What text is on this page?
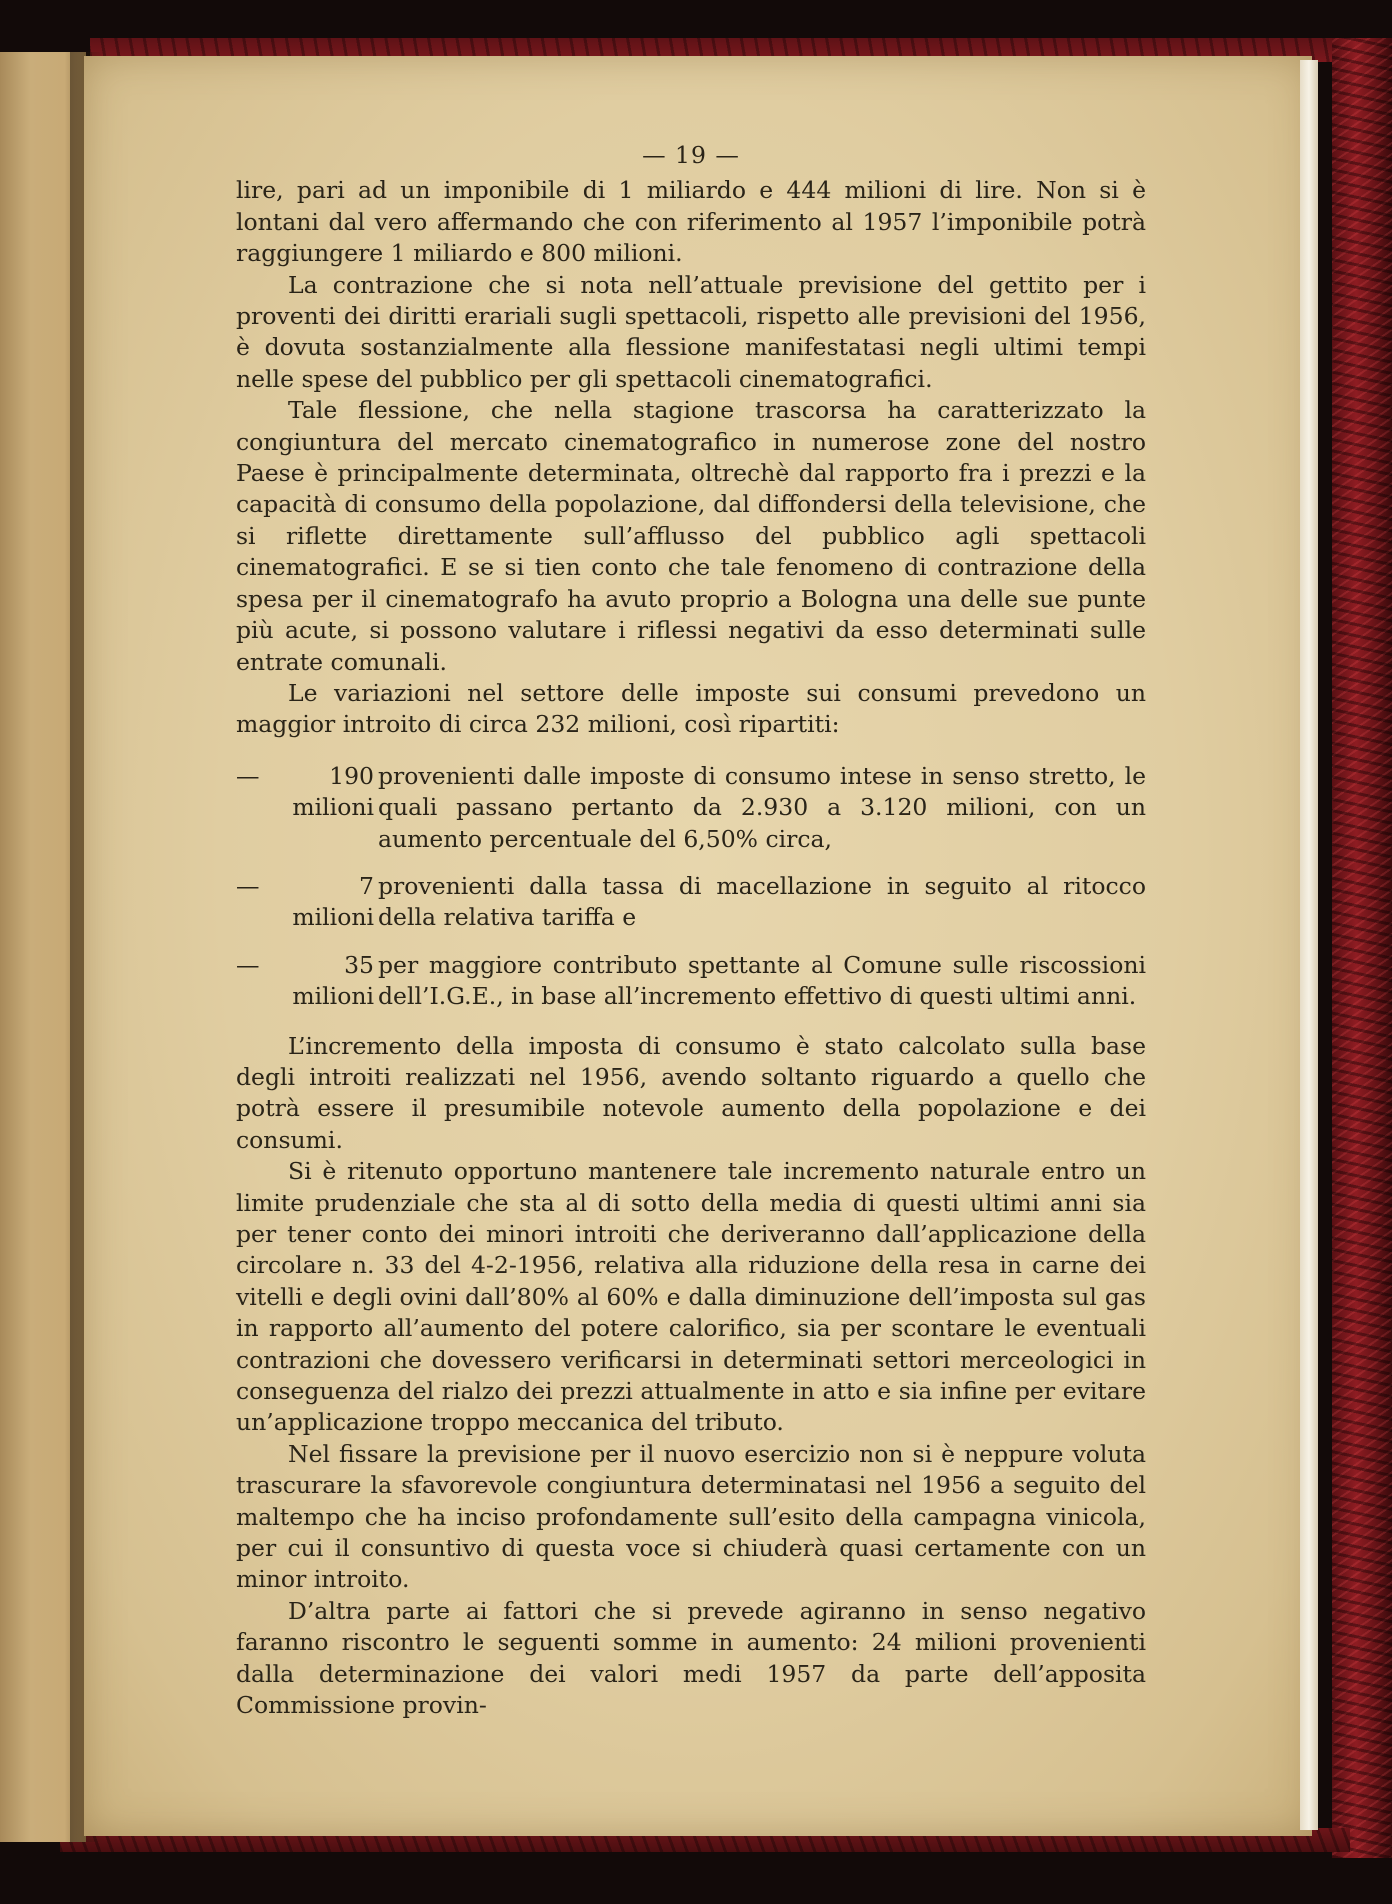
— 19 —

lire, pari ad un imponibile di 1 miliardo e 444 milioni di lire. Non si è lontani dal vero affermando che con riferimento al 1957 l’imponibile potrà raggiungere 1 miliardo e 800 milioni.

La contrazione che si nota nell’attuale previsione del gettito per i proventi dei diritti erariali sugli spettacoli, rispetto alle previsioni del 1956, è dovuta sostanzialmente alla flessione manifestatasi negli ultimi tempi nelle spese del pubblico per gli spettacoli cinematografici.

Tale flessione, che nella stagione trascorsa ha caratterizzato la congiuntura del mercato cinematografico in numerose zone del nostro Paese è principalmente determinata, oltrechè dal rapporto fra i prezzi e la capacità di consumo della popolazione, dal diffondersi della televisione, che si riflette direttamente sull’afflusso del pubblico agli spettacoli cinematografici. E se si tien conto che tale fenomeno di contrazione della spesa per il cinematografo ha avuto proprio a Bologna una delle sue punte più acute, si possono valutare i riflessi negativi da esso determinati sulle entrate comunali.

Le variazioni nel settore delle imposte sui consumi prevedono un maggior introito di circa 232 milioni, così ripartiti:

—	190 milioni
provenienti dalle imposte di consumo intese in senso stretto, le quali passano pertanto da 2.930 a 3.120 milioni, con un aumento percentuale del 6,50% circa,
—	7 milioni
provenienti dalla tassa di macellazione in seguito al ritocco della relativa tariffa e
—	35 milioni
per maggiore contributo spettante al Comune sulle riscossioni dell’I.G.E., in base all’incremento effettivo di questi ultimi anni.

L’incremento della imposta di consumo è stato calcolato sulla base degli introiti realizzati nel 1956, avendo soltanto riguardo a quello che potrà essere il presumibile notevole aumento della popolazione e dei consumi.

Si è ritenuto opportuno mantenere tale incremento naturale entro un limite prudenziale che sta al di sotto della media di questi ultimi anni sia per tener conto dei minori introiti che deriveranno dall’applicazione della circolare n. 33 del 4-2-1956, relativa alla riduzione della resa in carne dei vitelli e degli ovini dall’80% al 60% e dalla diminuzione dell’imposta sul gas in rapporto all’aumento del potere calorifico, sia per scontare le eventuali contrazioni che dovessero verificarsi in determinati settori merceologici in conseguenza del rialzo dei prezzi attualmente in atto e sia infine per evitare un’applicazione troppo meccanica del tributo.

Nel fissare la previsione per il nuovo esercizio non si è neppure voluta trascurare la sfavorevole congiuntura determinatasi nel 1956 a seguito del maltempo che ha inciso profondamente sull’esito della campagna vinicola, per cui il consuntivo di questa voce si chiuderà quasi certamente con un minor introito.

D’altra parte ai fattori che si prevede agiranno in senso negativo faranno riscontro le seguenti somme in aumento: 24 milioni provenienti dalla determinazione dei valori medi 1957 da parte dell’apposita Commissione provin-
